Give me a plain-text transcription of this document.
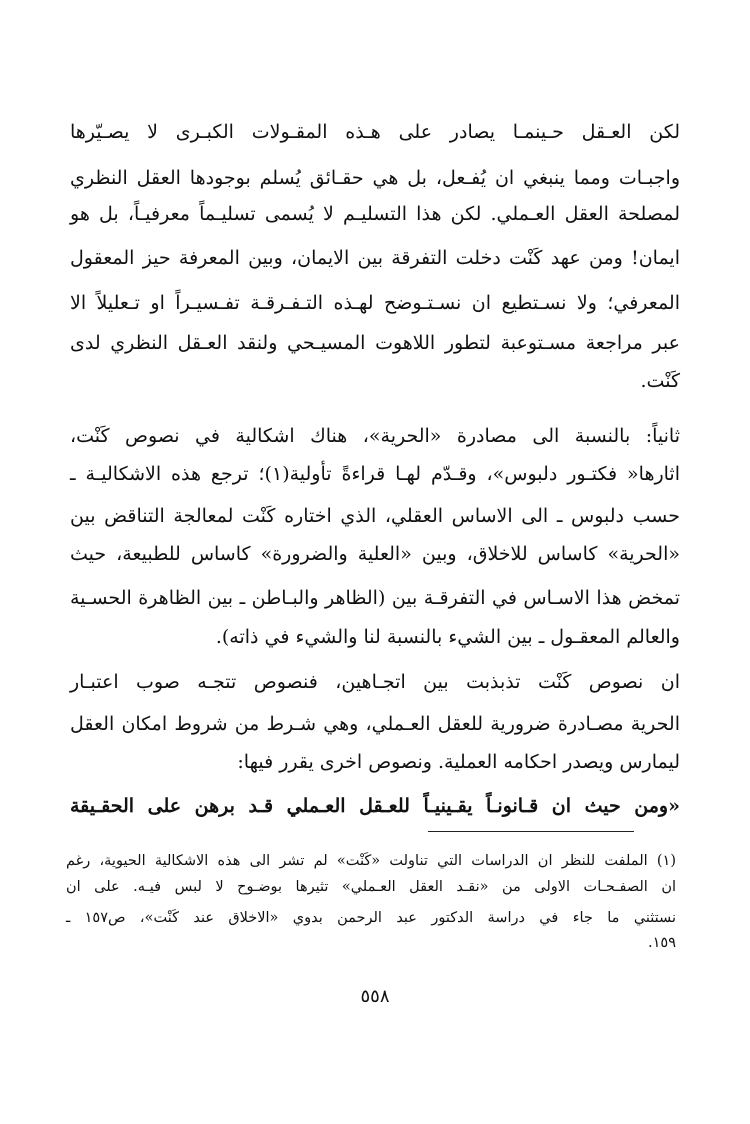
لكن العـقل حـينمـا يصادر على هـذه المقـولات الكبـرى لا يصـيّرها
واجبـات ومما ينبغي ان يُفـعل، بل هي حقـائق يُسلم بوجودها العقل النظري
لمصلحة العقل العـملي. لكن هذا التسليـم لا يُسمى تسليـماً معرفيـاً، بل هو
ايمان! ومن عهد كَنْت دخلت التفرقة بين الايمان، وبين المعرفة حيز المعقول
المعرفي؛ ولا نسـتطيع ان نسـتـوضح لهـذه التـفـرقـة تفـسيـراً او تـعليلاً الا
عبر مراجعة مسـتوعبة لتطور اللاهوت المسيـحي ولنقد العـقل النظري لدى
كَنْت.
ثانياً: بالنسبة الى مصادرة «الحرية»، هناك اشكالية في نصوص كَنْت،
اثارها« فكتـور دلبوس»، وقـدّم لهـا قراءةً تأولية(١)؛ ترجع هذه الاشكاليـة ـ
حسب دلبوس ـ الى الاساس العقلي، الذي اختاره كَنْت لمعالجة التناقض بين
«الحرية» كاساس للاخلاق، وبين «العلية والضرورة» كاساس للطبيعة، حيث
تمخض هذا الاسـاس في التفرقـة بين (الظاهر والبـاطن ـ بين الظاهرة الحسـية
والعالم المعقـول ـ بين الشيء بالنسبة لنا والشيء في ذاته).
ان نصوص كَنْت تذبذبت بين اتجـاهين، فنصوص تتجـه صوب اعتبـار
الحرية مصـادرة ضرورية للعقل العـملي، وهي شـرط من شروط امكان العقل
ليمارس ويصدر احكامه العملية. ونصوص اخرى يقرر فيها:
«ومن حيث ان قـانونـاً يقـينيـاً للعـقل العـملي قـد برهن على الحقـيقة
(١) الملفت للنظر ان الدراسات التي تناولت «كَنْت» لم تشر الى هذه الاشكالية الحيوية، رغم
ان الصفـحـات الاولى من «نقـد العقل العـملي» تثيرها بوضـوح لا لبس فيـه. على ان
نستثني ما جاء في دراسة الدكتور عبد الرحمن بدوي «الاخلاق عند كَنْت»، ص١٥٧ ـ
١٥٩.
٥٥٨
